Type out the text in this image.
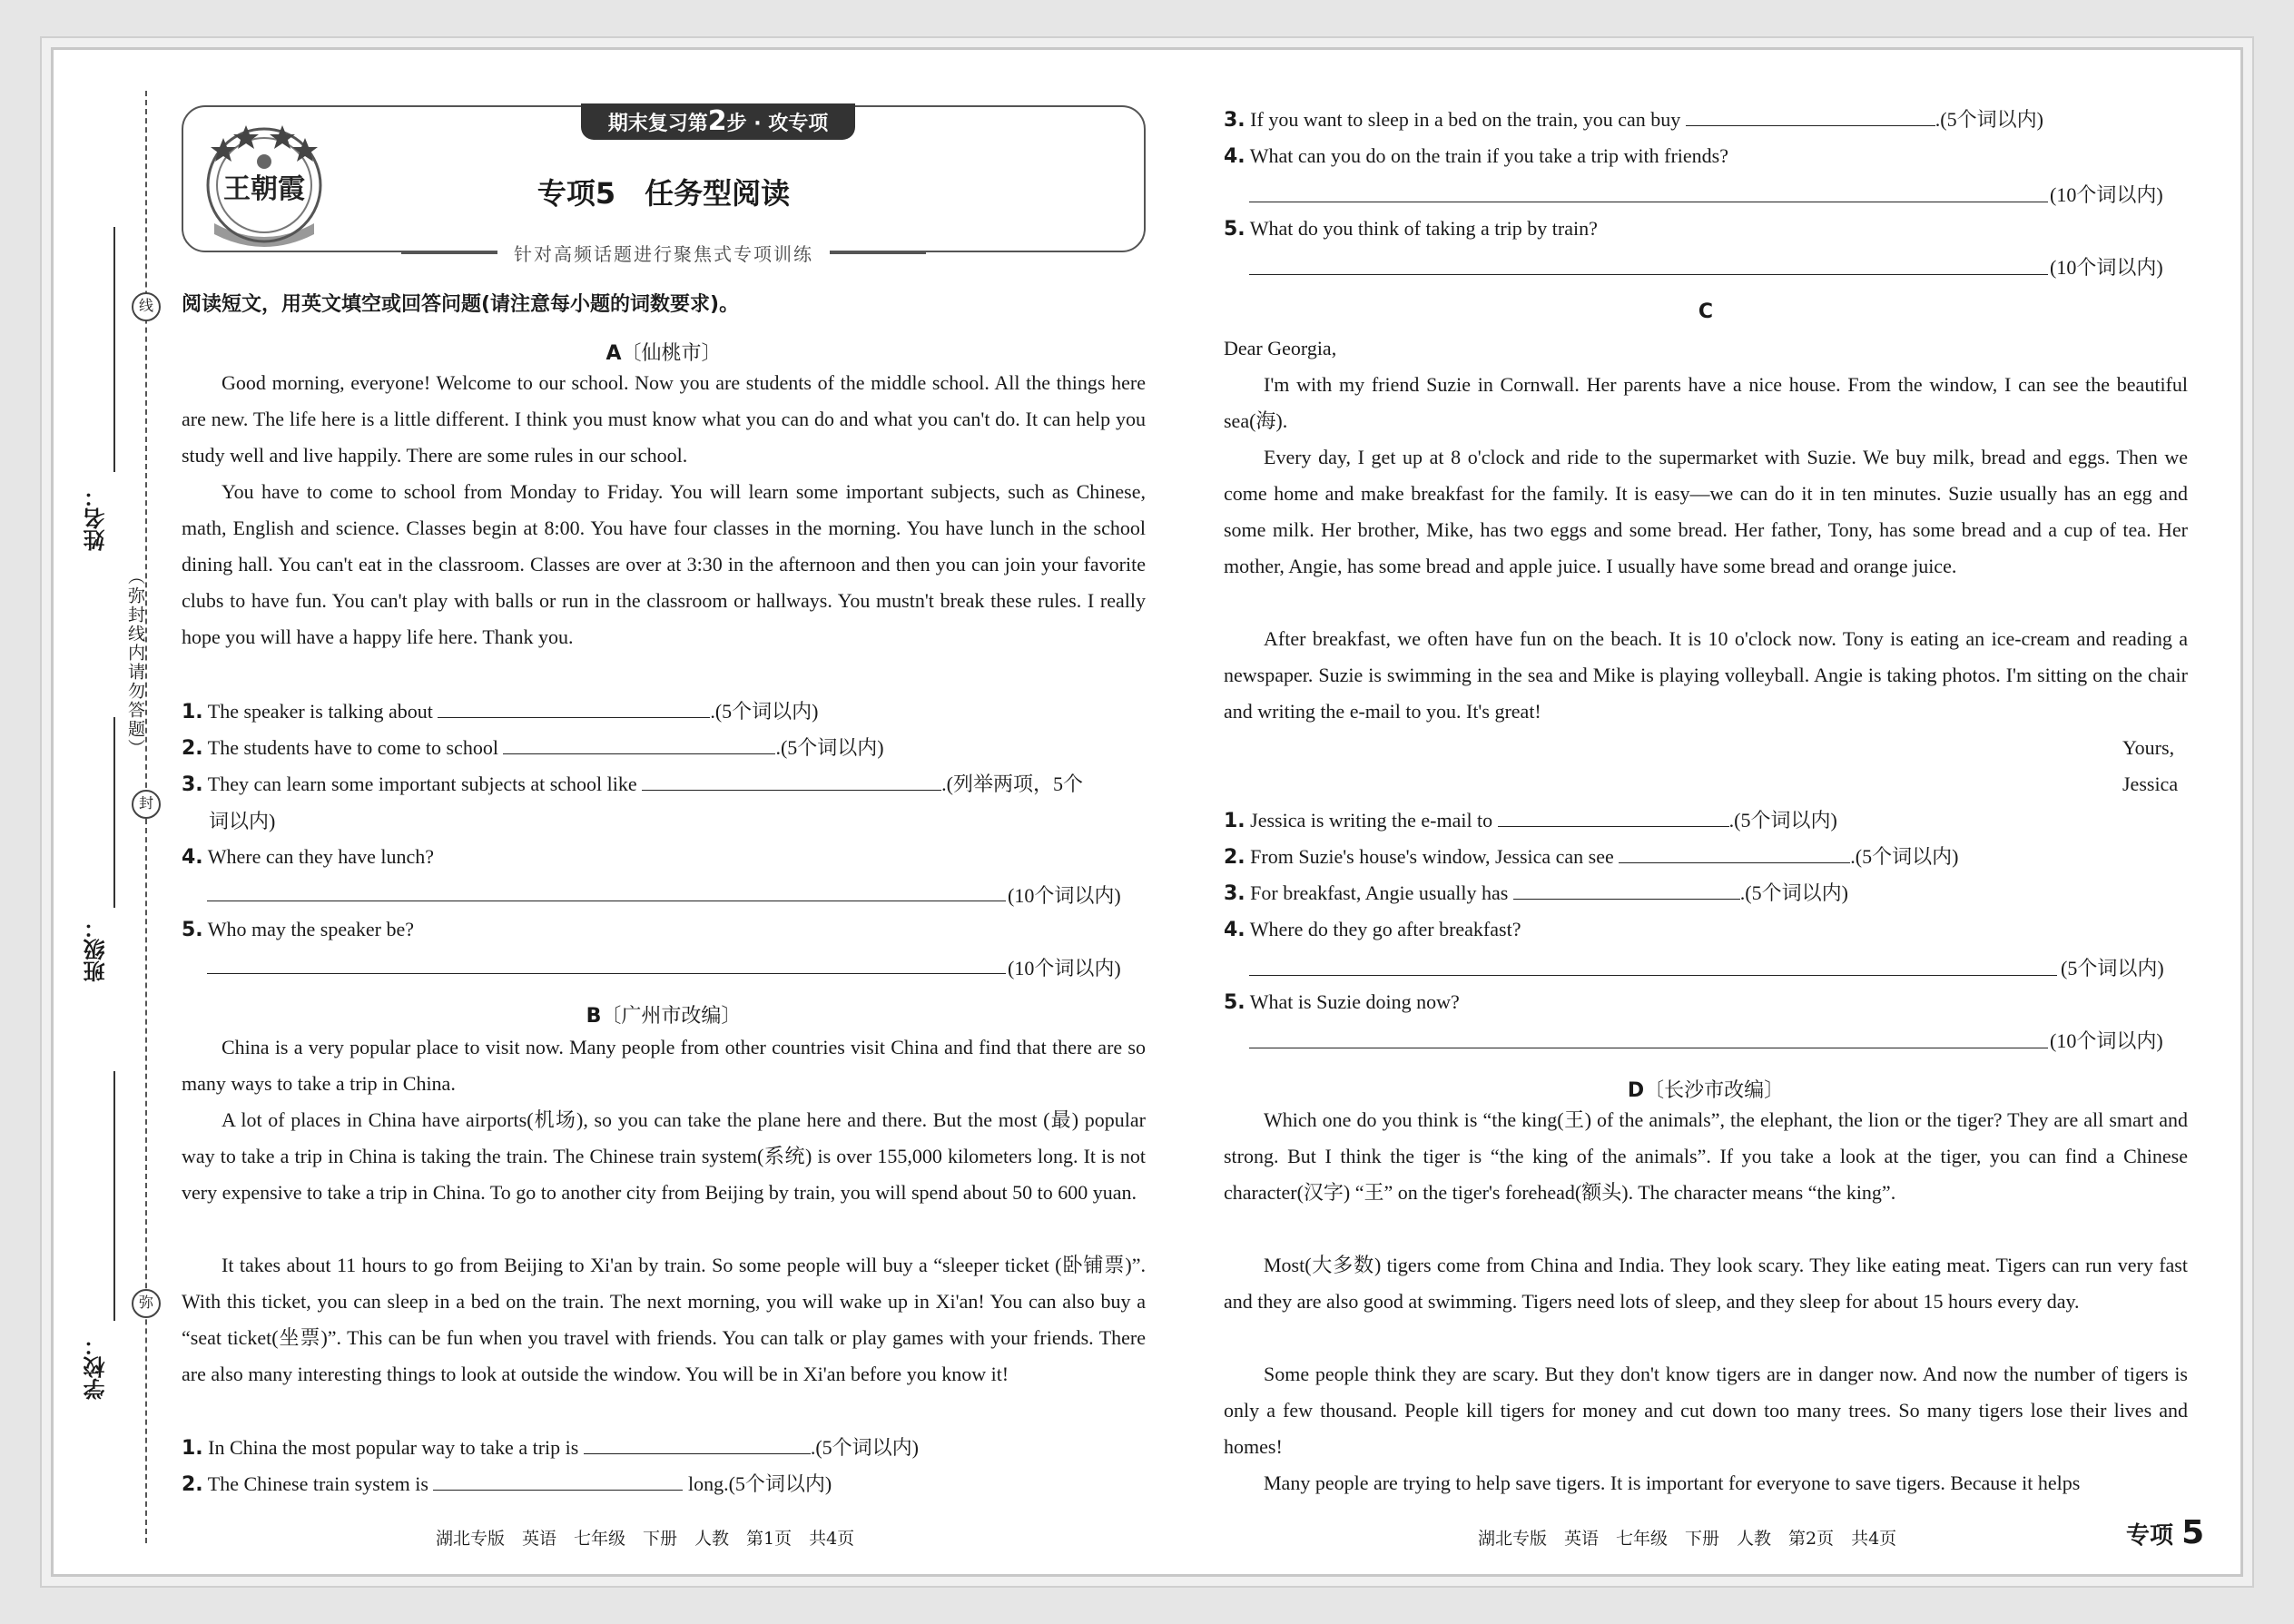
学校：
班级：
姓名：
弥
封
线
（弥封线内请勿答题）
王朝霞
期末复习第2步 · 攻专项
专项5　任务型阅读
针对高频话题进行聚焦式专项训练
阅读短文，用英文填空或回答问题(请注意每小题的词数要求)。
A〔仙桃市〕
Good morning, everyone! Welcome to our school. Now you are students of the middle school. All the things here are new. The life here is a little different. I think you must know what you can do and what you can't do. It can help you study well and live happily. There are some rules in our school.
You have to come to school from Monday to Friday. You will learn some important subjects, such as Chinese, math, English and science. Classes begin at 8:00. You have four classes in the morning. You have lunch in the school dining hall. You can't eat in the classroom. Classes are over at 3:30 in the afternoon and then you can join your favorite clubs to have fun. You can't play with balls or run in the classroom or hallways. You mustn't break these rules. I really hope you will have a happy life here. Thank you.
1. The speaker is talking about	.(5个词以内)
2. The students have to come to school	.(5个词以内)
3. They can learn some important subjects at school like	.(列举两项，5个
词以内)
4. Where can they have lunch?
(10个词以内)
5. Who may the speaker be?
(10个词以内)
B〔广州市改编〕
China is a very popular place to visit now. Many people from other countries visit China and find that there are so many ways to take a trip in China.
A lot of places in China have airports(机场), so you can take the plane here and there. But the most (最) popular way to take a trip in China is taking the train. The Chinese train system(系统) is over 155,000 kilometers long. It is not very expensive to take a trip in China. To go to another city from Beijing by train, you will spend about 50 to 600 yuan.
It takes about 11 hours to go from Beijing to Xi'an by train. So some people will buy a “sleeper ticket (卧铺票)”. With this ticket, you can sleep in a bed on the train. The next morning, you will wake up in Xi'an! You can also buy a “seat ticket(坐票)”. This can be fun when you travel with friends. You can talk or play games with your friends. There are also many interesting things to look at outside the window. You will be in Xi'an before you know it!
1. In China the most popular way to take a trip is	.(5个词以内)
2. The Chinese train system is	long.(5个词以内)
湖北专版　英语　七年级　下册　人教　第1页　共4页
3. If you want to sleep in a bed on the train, you can buy	.(5个词以内)
4. What can you do on the train if you take a trip with friends?
(10个词以内)
5. What do you think of taking a trip by train?
(10个词以内)
C
Dear Georgia,
I'm with my friend Suzie in Cornwall. Her parents have a nice house. From the window, I can see the beautiful sea(海).
Every day, I get up at 8 o'clock and ride to the supermarket with Suzie. We buy milk, bread and eggs. Then we come home and make breakfast for the family. It is easy—we can do it in ten minutes. Suzie usually has an egg and some milk. Her brother, Mike, has two eggs and some bread. Her father, Tony, has some bread and a cup of tea. Her mother, Angie, has some bread and apple juice. I usually have some bread and orange juice.
After breakfast, we often have fun on the beach. It is 10 o'clock now. Tony is eating an ice-cream and reading a newspaper. Suzie is swimming in the sea and Mike is playing volleyball. Angie is taking photos. I'm sitting on the chair and writing the e-mail to you. It's great!
Yours,
Jessica
1. Jessica is writing the e-mail to	.(5个词以内)
2. From Suzie's house's window, Jessica can see	.(5个词以内)
3. For breakfast, Angie usually has	.(5个词以内)
4. Where do they go after breakfast?
(5个词以内)
5. What is Suzie doing now?
(10个词以内)
D〔长沙市改编〕
Which one do you think is “the king(王) of the animals”, the elephant, the lion or the tiger? They are all smart and strong. But I think the tiger is “the king of the animals”. If you take a look at the tiger, you can find a Chinese character(汉字) “王” on the tiger's forehead(额头). The character means “the king”.
Most(大多数) tigers come from China and India. They look scary. They like eating meat. Tigers can run very fast and they are also good at swimming. Tigers need lots of sleep, and they sleep for about 15 hours every day.
Some people think they are scary. But they don't know tigers are in danger now. And now the number of tigers is only a few thousand. People kill tigers for money and cut down too many trees. So many tigers lose their lives and homes!
Many people are trying to help save tigers. It is important for everyone to save tigers. Because it helps
湖北专版　英语　七年级　下册　人教　第2页　共4页	专项 5
